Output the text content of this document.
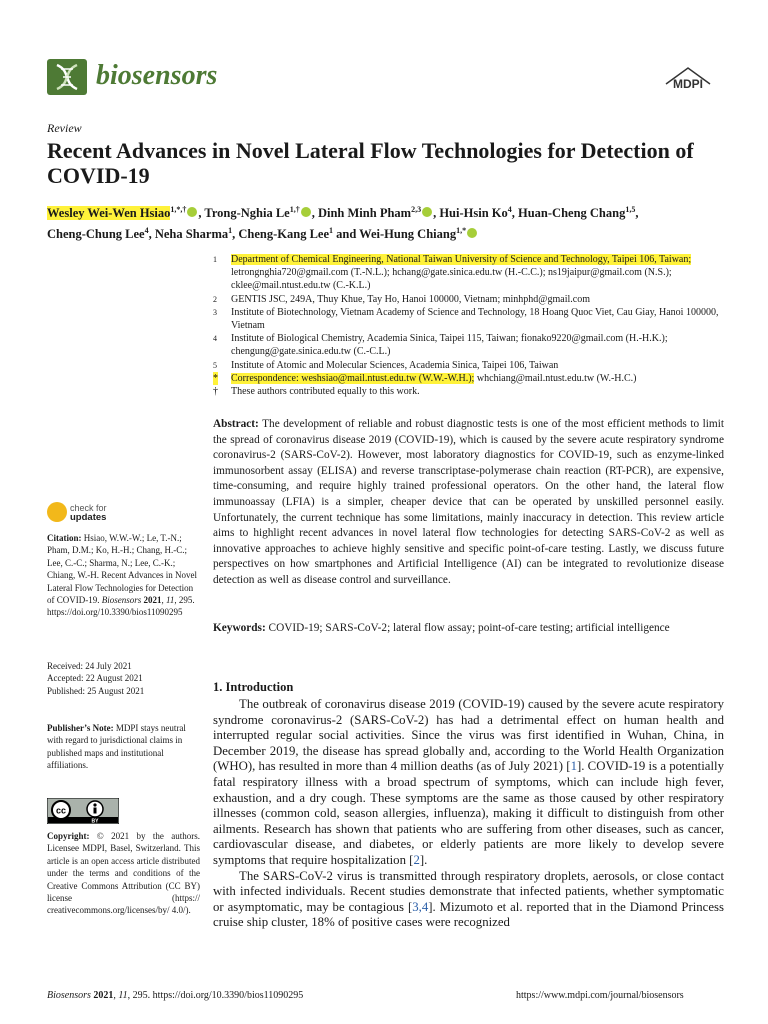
biosensors	MDPI
Review
Recent Advances in Novel Lateral Flow Technologies for Detection of COVID-19
Wesley Wei-Wen Hsiao$^{1,*,\dagger}$ , Trong-Nghia $Le^{1,\dagger}$ , Dinh Minh Pham$^{2,3}$ , Hui-Hsin Ko$^4$, Huan-Cheng Chang$^{1,5}$,
Cheng-Chung Lee$^4$, Neha Sharma$^1$, Cheng-Kang Lee$^1$ and Wei-Hung Chiang$^{1,*}$
1 Department of Chemical Engineering, National Taiwan University of Science and Technology, Taipei 106, Taiwan; letrongnghia720@gmail.com (T.-N.L.); hchang@gate.sinica.edu.tw (H.-C.C.); ns19jaipur@gmail.com (N.S.); cklee@mail.ntust.edu.tw (C.-K.L.)
2 GENTIS JSC, 249A, Thuy Khue, Tay Ho, Hanoi 100000, Vietnam; minhphd@gmail.com
3 Institute of Biotechnology, Vietnam Academy of Science and Technology, 18 Hoang Quoc Viet, Cau Giay, Hanoi 100000, Vietnam
4 Institute of Biological Chemistry, Academia Sinica, Taipei 115, Taiwan; fionako9220@gmail.com (H.-H.K.); chengung@gate.sinica.edu.tw (C.-C.L.)
5 Institute of Atomic and Molecular Sciences, Academia Sinica, Taipei 106, Taiwan
* Correspondence: weshsiao@mail.ntust.edu.tw (W.W.-W.H.); whchiang@mail.ntust.edu.tw (W.-H.C.)
† These authors contributed equally to this work.
Abstract: The development of reliable and robust diagnostic tests is one of the most efficient methods to limit the spread of coronavirus disease 2019 (COVID-19), which is caused by the severe acute respiratory syndrome coronavirus-2 (SARS-CoV-2). However, most laboratory diagnostics for COVID-19, such as enzyme-linked immunosorbent assay (ELISA) and reverse transcriptase-polymerase chain reaction (RT-PCR), are expensive, time-consuming, and require highly trained professional operators. On the other hand, the lateral flow immunoassay (LFIA) is a simpler, cheaper device that can be operated by unskilled personnel easily. Unfortunately, the current technique has some limitations, mainly inaccuracy in detection. This review article aims to highlight recent advances in novel lateral flow technologies for detecting SARS-CoV-2 as well as innovative approaches to achieve highly sensitive and specific point-of-care testing. Lastly, we discuss future perspectives on how smartphones and Artificial Intelligence (AI) can be integrated to revolutionize disease detection as well as disease control and surveillance.
Keywords: COVID-19; SARS-CoV-2; lateral flow assay; point-of-care testing; artificial intelligence
check for
updates
Citation: Hsiao, W.W.-W.; Le, T.-N.; Pham, D.M.; Ko, H.-H.; Chang, H.-C.; Lee, C.-C.; Sharma, N.; Lee, C.-K.; Chiang, W.-H. Recent Advances in Novel Lateral Flow Technologies for Detection of COVID-19. Biosensors 2021, 11, 295. https://doi.org/10.3390/bios11090295
Received: 24 July 2021
Accepted: 22 August 2021
Published: 25 August 2021
Publisher’s Note: MDPI stays neutral with regard to jurisdictional claims in published maps and institutional affiliations.
cc
BY
Copyright: © 2021 by the authors. Licensee MDPI, Basel, Switzerland. This article is an open access article distributed under the terms and conditions of the Creative Commons Attribution (CC BY) license (https:// creativecommons.org/licenses/by/ 4.0/).
1. Introduction

The outbreak of coronavirus disease 2019 (COVID-19) caused by the severe acute respiratory syndrome coronavirus-2 (SARS-CoV-2) has had a detrimental effect on human health and interrupted regular social activities. Since the virus was first identified in Wuhan, China, in December 2019, the disease has spread globally and, according to the World Health Organization (WHO), has resulted in more than 4 million deaths (as of July 2021) [1]. COVID-19 is a potentially fatal respiratory illness with a broad spectrum of symptoms, which can include high fever, exhaustion, and a dry cough. These symptoms are the same as those caused by other respiratory illnesses (common cold, season allergies, influenza), making it difficult to distinguish from other ailments. Research has shown that patients who are suffering from other diseases, such as cancer, cardiovascular disease, and diabetes, or elderly patients are more likely to develop severe symptoms that require hospitalization [2].

The SARS-CoV-2 virus is transmitted through respiratory droplets, aerosols, or close contact with infected individuals. Recent studies demonstrate that infected patients, whether symptomatic or asymptomatic, may be contagious [3,4]. Mizumoto et al. reported that in the Diamond Princess cruise ship cluster, 18% of positive cases were recognized

Biosensors 2021, 11, 295. https://doi.org/10.3390/bios11090295	https://www.mdpi.com/journal/biosensors
